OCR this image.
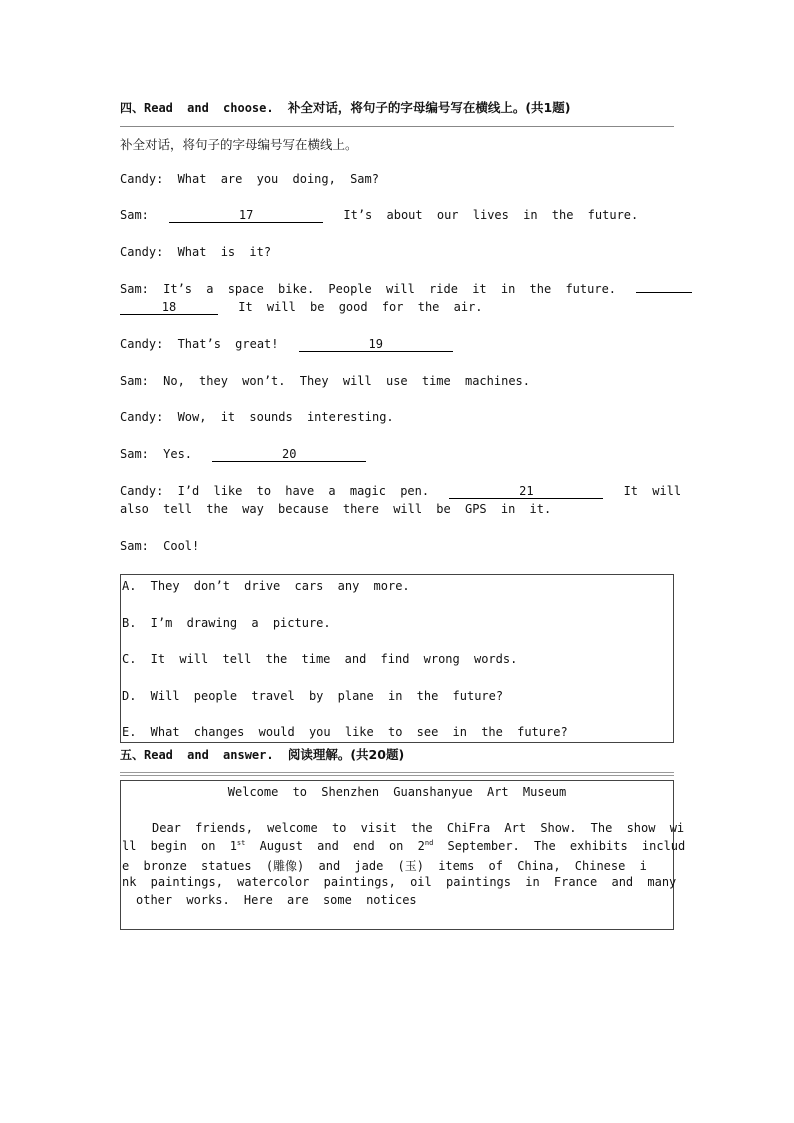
四、Read and choose. 补全对话，将句子的字母编号写在横线上。(共1题)
补全对话，将句子的字母编号写在横线上。
Candy: What are you doing, Sam?
Sam:	17	It’s about our lives in the future.
Candy: What is it?
Sam: It’s a space bike. People will ride it in the future.
18	It will be good for the air.
Candy: That’s great!	19
Sam: No, they won’t. They will use time machines.
Candy: Wow, it sounds interesting.
Sam: Yes.	20
Candy: I’d like to have a magic pen.	21	It will
also tell the way because there will be GPS in it.
Sam: Cool!
A. They don’t drive cars any more.
B. I’m drawing a picture.
C. It will tell the time and find wrong words.
D. Will people travel by plane in the future?
E. What changes would you like to see in the future?
五、Read and answer. 阅读理解。(共20题)
Welcome to Shenzhen Guanshanyue Art Museum
Dear friends, welcome to visit the ChiFra Art Show. The show wi
ll begin on 1st August and end on 2nd September. The exhibits includ
e bronze statues (雕像) and jade (玉) items of China, Chinese i
nk paintings, watercolor paintings, oil paintings in France and many
other works. Here are some notices
